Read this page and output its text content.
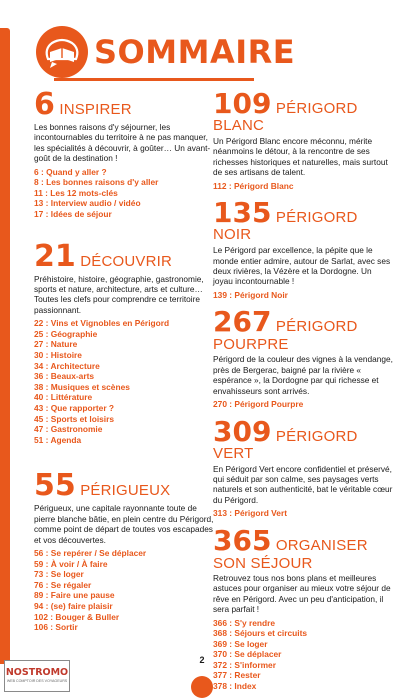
SOMMAIRE
6 INSPIRER
Les bonnes raisons d'y séjourner, les incontournables du territoire à ne pas manquer, les spécialités à découvrir, à goûter… Un avant-goût de la destination !
6 : Quand y aller ?
8 : Les bonnes raisons d'y aller
11 : Les 12 mots-clés
13 : Interview audio / vidéo
17 : Idées de séjour
21 DÉCOUVRIR
Préhistoire, histoire, géographie, gastronomie, sports et nature, architecture, arts et culture… Toutes les clefs pour comprendre ce territoire passionnant.
22 : Vins et Vignobles en Périgord
25 : Géographie
27 : Nature
30 : Histoire
34 : Architecture
36 : Beaux-arts
38 : Musiques et scènes
40 : Littérature
43 : Que rapporter ?
45 : Sports et loisirs
47 : Gastronomie
51 : Agenda
55 PÉRIGUEUX
Périgueux, une capitale rayonnante toute de pierre blanche bâtie, en plein centre du Périgord, comme point de départ de toutes vos escapades et vos découvertes.
56 : Se repérer / Se déplacer
59 : À voir / À faire
73 : Se loger
76 : Se régaler
89 : Faire une pause
94 : (se) faire plaisir
102 : Bouger & Buller
106 : Sortir
109 PÉRIGORD BLANC
Un Périgord Blanc encore méconnu, mérite néanmoins le détour, à la rencontre de ses richesses historiques et naturelles, mais surtout de ses artisans de talent.
112 : Périgord Blanc
135 PÉRIGORD NOIR
Le Périgord par excellence, la pépite que le monde entier admire, autour de Sarlat, avec ses deux rivières, la Vézère et la Dordogne. Un joyau incontournable !
139 : Périgord Noir
267 PÉRIGORD
POURPRE
Périgord de la couleur des vignes à la vendange, près de Bergerac, baigné par la rivière « espérance », la Dordogne par qui richesse et envahisseurs sont arrivés.
270 : Périgord Pourpre
309 PÉRIGORD VERT
En Périgord Vert encore confidentiel et préservé, qui séduit par son calme, ses paysages verts naturels et son authenticité, bat le véritable cœur du Périgord.
313 : Périgord Vert
365 ORGANISER
SON SÉJOUR
Retrouvez tous nos bons plans et meilleures astuces pour organiser au mieux votre séjour de rêve en Périgord. Avec un peu d'anticipation, il sera parfait !
366 : S'y rendre
368 : Séjours et circuits
369 : Se loger
370 : Se déplacer
372 : S'informer
377 : Rester
378 : Index
2
NOSTROMO
WEB COMPTOIR DES VOYAGEURS
